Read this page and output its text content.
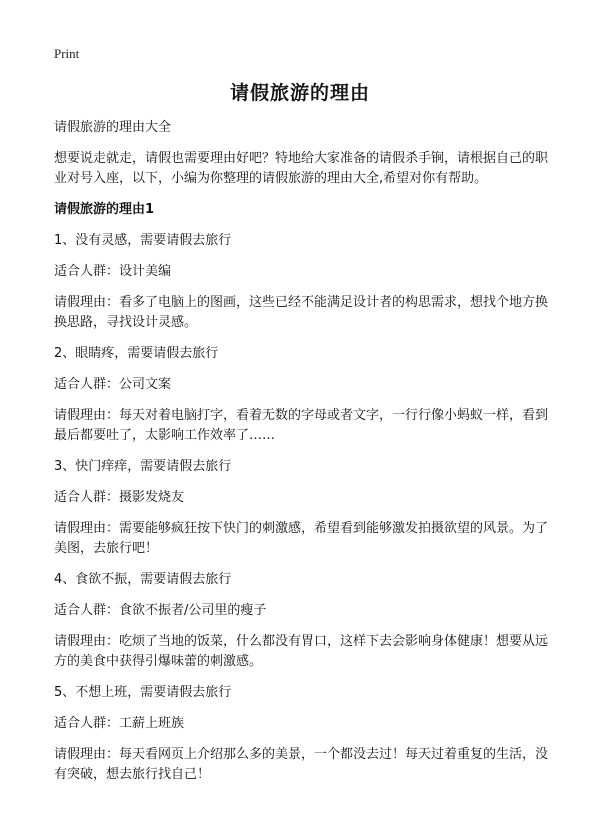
Print
请假旅游的理由

请假旅游的理由大全

想要说走就走，请假也需要理由好吧？特地给大家准备的请假杀手锏，请根据自己的职业对号入座，以下，小编为你整理的请假旅游的理由大全,希望对你有帮助。

请假旅游的理由1

1、没有灵感，需要请假去旅行

适合人群：设计美编

请假理由：看多了电脑上的图画，这些已经不能满足设计者的构思需求，想找个地方换换思路，寻找设计灵感。

2、眼睛疼，需要请假去旅行

适合人群：公司文案

请假理由：每天对着电脑打字，看着无数的字母或者文字，一行行像小蚂蚁一样，看到最后都要吐了，太影响工作效率了……

3、快门痒痒，需要请假去旅行

适合人群：摄影发烧友

请假理由：需要能够疯狂按下快门的刺激感，希望看到能够激发拍摄欲望的风景。为了美图，去旅行吧！

4、食欲不振，需要请假去旅行

适合人群：食欲不振者/公司里的瘦子

请假理由：吃烦了当地的饭菜，什么都没有胃口，这样下去会影响身体健康！想要从远方的美食中获得引爆味蕾的刺激感。

5、不想上班，需要请假去旅行

适合人群：工薪上班族

请假理由：每天看网页上介绍那么多的美景，一个都没去过！每天过着重复的生活，没有突破，想去旅行找自己！
